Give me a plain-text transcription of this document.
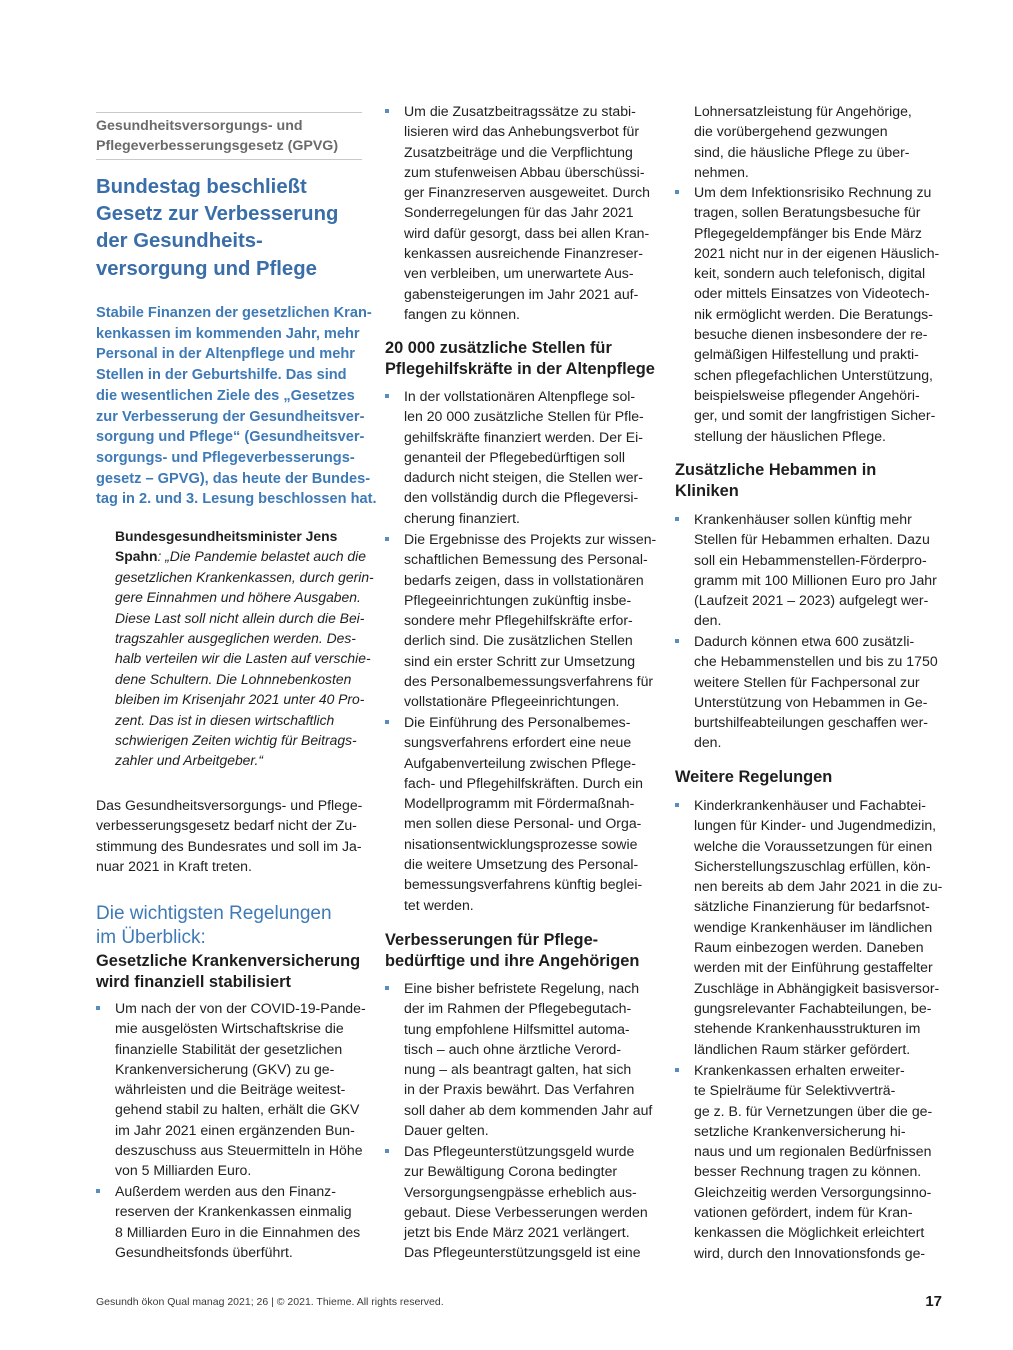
Gesundheitsversorgungs- und
Pflegeverbesserungsgesetz (GPVG)
Bundestag beschließt
Gesetz zur Verbesserung
der Gesundheits-
versorgung und Pflege
Stabile Finanzen der gesetzlichen Kran-
kenkassen im kommenden Jahr, mehr
Personal in der Altenpflege und mehr
Stellen in der Geburtshilfe. Das sind
die wesentlichen Ziele des „Gesetzes
zur Verbesserung der Gesundheitsver-
sorgung und Pflege“ (Gesundheitsver-
sorgungs- und Pflegeverbesserungs-
gesetz – GPVG), das heute der Bundes-
tag in 2. und 3. Lesung beschlossen hat.
Bundesgesundheitsminister Jens
Spahn: „Die Pandemie belastet auch die
gesetzlichen Krankenkassen, durch gerin-
gere Einnahmen und höhere Ausgaben.
Diese Last soll nicht allein durch die Bei-
tragszahler ausgeglichen werden. Des-
halb verteilen wir die Lasten auf verschie-
dene Schultern. Die Lohnnebenkosten
bleiben im Krisenjahr 2021 unter 40 Pro-
zent. Das ist in diesen wirtschaftlich
schwierigen Zeiten wichtig für Beitrags-
zahler und Arbeitgeber.“

Das Gesundheitsversorgungs- und Pflege-
verbesserungsgesetz bedarf nicht der Zu-
stimmung des Bundesrates und soll im Ja-
nuar 2021 in Kraft treten.

Die wichtigsten Regelungen
im Überblick:
Gesetzliche Krankenversicherung
wird finanziell stabilisiert
Um nach der von der COVID-19-Pande-
mie ausgelösten Wirtschaftskrise die
finanzielle Stabilität der gesetzlichen
Krankenversicherung (GKV) zu ge-
währleisten und die Beiträge weitest-
gehend stabil zu halten, erhält die GKV
im Jahr 2021 einen ergänzenden Bun-
deszuschuss aus Steuermitteln in Höhe
von 5 Milliarden Euro.
Außerdem werden aus den Finanz-
reserven der Krankenkassen einmalig
8 Milliarden Euro in die Einnahmen des
Gesundheitsfonds überführt.
Um die Zusatzbeitragssätze zu stabi-
lisieren wird das Anhebungsverbot für
Zusatzbeiträge und die Verpflichtung
zum stufenweisen Abbau überschüssi-
ger Finanzreserven ausgeweitet. Durch
Sonderregelungen für das Jahr 2021
wird dafür gesorgt, dass bei allen Kran-
kenkassen ausreichende Finanzreser-
ven verbleiben, um unerwartete Aus-
gabensteigerungen im Jahr 2021 auf-
fangen zu können.
20 000 zusätzliche Stellen für
Pflegehilfskräfte in der Altenpflege
In der vollstationären Altenpflege sol-
len 20 000 zusätzliche Stellen für Pfle-
gehilfskräfte finanziert werden. Der Ei-
genanteil der Pflegebedürftigen soll
dadurch nicht steigen, die Stellen wer-
den vollständig durch die Pflegeversi-
cherung finanziert.
Die Ergebnisse des Projekts zur wissen-
schaftlichen Bemessung des Personal-
bedarfs zeigen, dass in vollstationären
Pflegeeinrichtungen zukünftig insbe-
sondere mehr Pflegehilfskräfte erfor-
derlich sind. Die zusätzlichen Stellen
sind ein erster Schritt zur Umsetzung
des Personalbemessungsverfahrens für
vollstationäre Pflegeeinrichtungen.
Die Einführung des Personalbemes-
sungsverfahrens erfordert eine neue
Aufgabenverteilung zwischen Pflege-
fach- und Pflegehilfskräften. Durch ein
Modellprogramm mit Fördermaßnah-
men sollen diese Personal- und Orga-
nisationsentwicklungsprozesse sowie
die weitere Umsetzung des Personal-
bemessungsverfahrens künftig beglei-
tet werden.
Verbesserungen für Pflege-
bedürftige und ihre Angehörigen
Eine bisher befristete Regelung, nach
der im Rahmen der Pflegebegutach-
tung empfohlene Hilfsmittel automa-
tisch – auch ohne ärztliche Verord-
nung – als beantragt galten, hat sich
in der Praxis bewährt. Das Verfahren
soll daher ab dem kommenden Jahr auf
Dauer gelten.
Das Pflegeunterstützungsgeld wurde
zur Bewältigung Corona bedingter
Versorgungsengpässe erheblich aus-
gebaut. Diese Verbesserungen werden
jetzt bis Ende März 2021 verlängert.
Das Pflegeunterstützungsgeld ist eine
Lohnersatzleistung für Angehörige,
die vorübergehend gezwungen
sind, die häusliche Pflege zu über-
nehmen.
Um dem Infektionsrisiko Rechnung zu
tragen, sollen Beratungsbesuche für
Pflegegeldempfänger bis Ende März
2021 nicht nur in der eigenen Häuslich-
keit, sondern auch telefonisch, digital
oder mittels Einsatzes von Videotech-
nik ermöglicht werden. Die Beratungs-
besuche dienen insbesondere der re-
gelmäßigen Hilfestellung und prakti-
schen pflegefachlichen Unterstützung,
beispielsweise pflegender Angehöri-
ger, und somit der langfristigen Sicher-
stellung der häuslichen Pflege.
Zusätzliche Hebammen in
Kliniken
Krankenhäuser sollen künftig mehr
Stellen für Hebammen erhalten. Dazu
soll ein Hebammenstellen-Förderpro-
gramm mit 100 Millionen Euro pro Jahr
(Laufzeit 2021 – 2023) aufgelegt wer-
den.
Dadurch können etwa 600 zusätzli-
che Hebammenstellen und bis zu 1750
weitere Stellen für Fachpersonal zur
Unterstützung von Hebammen in Ge-
burtshilfeabteilungen geschaffen wer-
den.
Weitere Regelungen
Kinderkrankenhäuser und Fachabtei-
lungen für Kinder- und Jugendmedizin,
welche die Voraussetzungen für einen
Sicherstellungszuschlag erfüllen, kön-
nen bereits ab dem Jahr 2021 in die zu-
sätzliche Finanzierung für bedarfsnot-
wendige Krankenhäuser im ländlichen
Raum einbezogen werden. Daneben
werden mit der Einführung gestaffelter
Zuschläge in Abhängigkeit basisversor-
gungsrelevanter Fachabteilungen, be-
stehende Krankenhausstrukturen im
ländlichen Raum stärker gefördert.
Krankenkassen erhalten erweiter-
te Spielräume für Selektivverträ-
ge z. B. für Vernetzungen über die ge-
setzliche Krankenversicherung hi-
naus und um regionalen Bedürfnissen
besser Rechnung tragen zu können.
Gleichzeitig werden Versorgungsinno-
vationen gefördert, indem für Kran-
kenkassen die Möglichkeit erleichtert
wird, durch den Innovationsfonds ge-
Gesundh ökon Qual manag 2021; 26 | © 2021. Thieme. All rights reserved.	17
